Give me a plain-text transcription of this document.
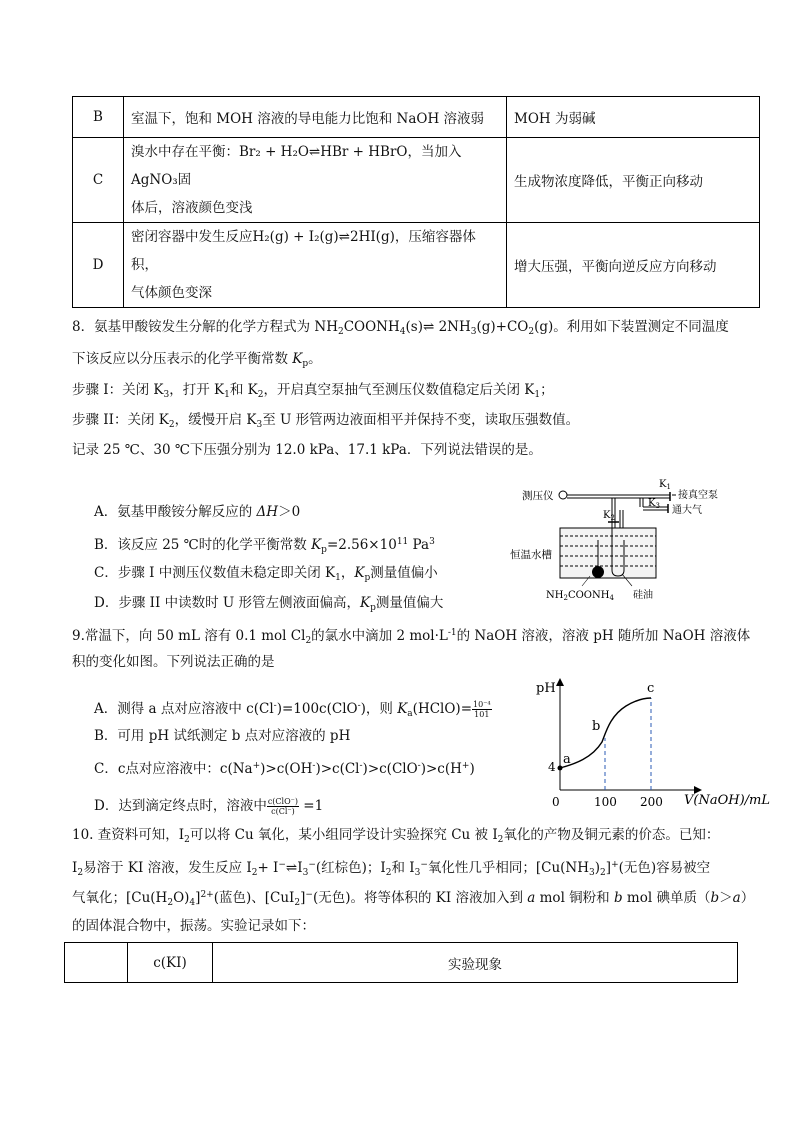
B	室温下，饱和 MOH 溶液的导电能力比饱和 NaOH 溶液弱	MOH 为弱碱
C	溴水中存在平衡：Br₂ + H₂O⇌HBr + HBrO，当加入AgNO₃固
体后，溶液颜色变浅	生成物浓度降低，平衡正向移动
D	密闭容器中发生反应H₂(g) + I₂(g)⇌2HI(g)，压缩容器体积，
气体颜色变深	增大压强，平衡向逆反应方向移动
8．氨基甲酸铵发生分解的化学方程式为 $NH_2COONH_4(s)\rightleftharpoons$ $2NH_3(g)+CO_2(g)$。利用如下装置测定不同温度
下该反应以分压表示的化学平衡常数 $K_p$。
步骤 I：关闭 $K_3$，打开 $K_1$和 $K_2$，开启真空泵抽气至测压仪数值稳定后关闭 $K_1$；
步骤 II：关闭 $K_2$，缓慢开启 $K_3$至 U 形管两边液面相平并保持不变，读取压强数值。
记录 25 ℃、30 ℃下压强分别为 12.0 kPa、17.1 kPa．下列说法错误的是。
A．氨基甲酸铵分解反应的 ΔH＞0
B．该反应 25 ℃时的化学平衡常数 $K_p=2.56\times 10^{11}$ Pa$^3$
C．步骤 I 中测压仪数值未稳定即关闭 $K_1$，$K_p$测量值偏小
D．步骤 II 中读数时 U 形管左侧液面偏高，$K_p$测量值偏大
测压仪
$K_1$
接真空泵
$K_3$ 通大气
$K_2$
恒温水槽
$NH_2COONH_4$ 硅油
9.常温下，向 50 mL 溶有 0.1 mol $Cl_2$的氯水中滴加 2 $mol\cdot L^{-1}$的 NaOH 溶液，溶液 pH 随所加 NaOH 溶液体
积的变化如图。下列说法正确的是
A．测得 a 点对应溶液中 c(Cl-)=100c(ClO-)，则 $K_a(HClO)= \frac{\text{10⁻⁴}}{101}$
B．可用 pH 试纸测定 b 点对应溶液的 pH
C．c点对应溶液中：c(Na+)>c(OH-)>c(Cl-)>c(ClO-)>c(H+)
D．达到滴定终点时，溶液中 $\frac{\text{c(ClO⁻)}}{c(Cl^-)} =1$
pH
V(NaOH)/mL
0
4
100 200
a
b
c
10. 查资料可知，$I_2$可以将 Cu 氧化，某小组同学设计实验探究 Cu 被 $I_2$氧化的产物及铜元素的价态。已知：
$I_2$易溶于 KI 溶液，发生反应 $I_2+$ $I^-\rightleftharpoons I_3^-$(红棕色)；$I_2$和 $I_3^-$氧化性几乎相同；$[Cu(NH_3)_2]^+$(无色)容易被空
气氧化；$[Cu(H_2O)_4]^{2+}$(蓝色)、[CuI$_2$]−(无色)。将等体积的 KI 溶液加入到 a mol 铜粉和 b mol 碘单质（b＞a）
的固体混合物中，振荡。实验记录如下：
	c(KI)	实验现象
